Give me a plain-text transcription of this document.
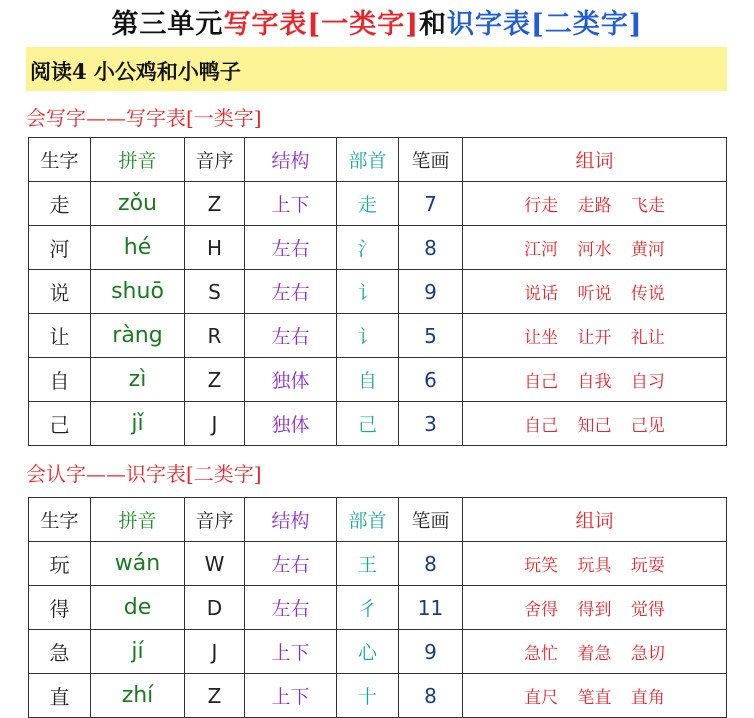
第三单元写字表[一类字]和识字表[二类字]
阅读4 小公鸡和小鸭子
会写字——写字表[一类字]
生字	拼音	音序	结构	部首	笔画	组词
走	zǒu	Z	上下	走	7	行走 走路 飞走
河	hé	H	左右	氵	8	江河 河水 黄河
说	shuō	S	左右	讠	9	说话 听说 传说
让	ràng	R	左右	讠	5	让坐 让开 礼让
自	zì	Z	独体	自	6	自己 自我 自习
己	jǐ	J	独体	己	3	自己 知己 己见
会认字——识字表[二类字]
生字	拼音	音序	结构	部首	笔画	组词
玩	wán	W	左右	王	8	玩笑 玩具 玩耍
得	de	D	左右	彳	11	舍得 得到 觉得
急	jí	J	上下	心	9	急忙 着急 急切
直	zhí	Z	上下	十	8	直尺 笔直 直角
